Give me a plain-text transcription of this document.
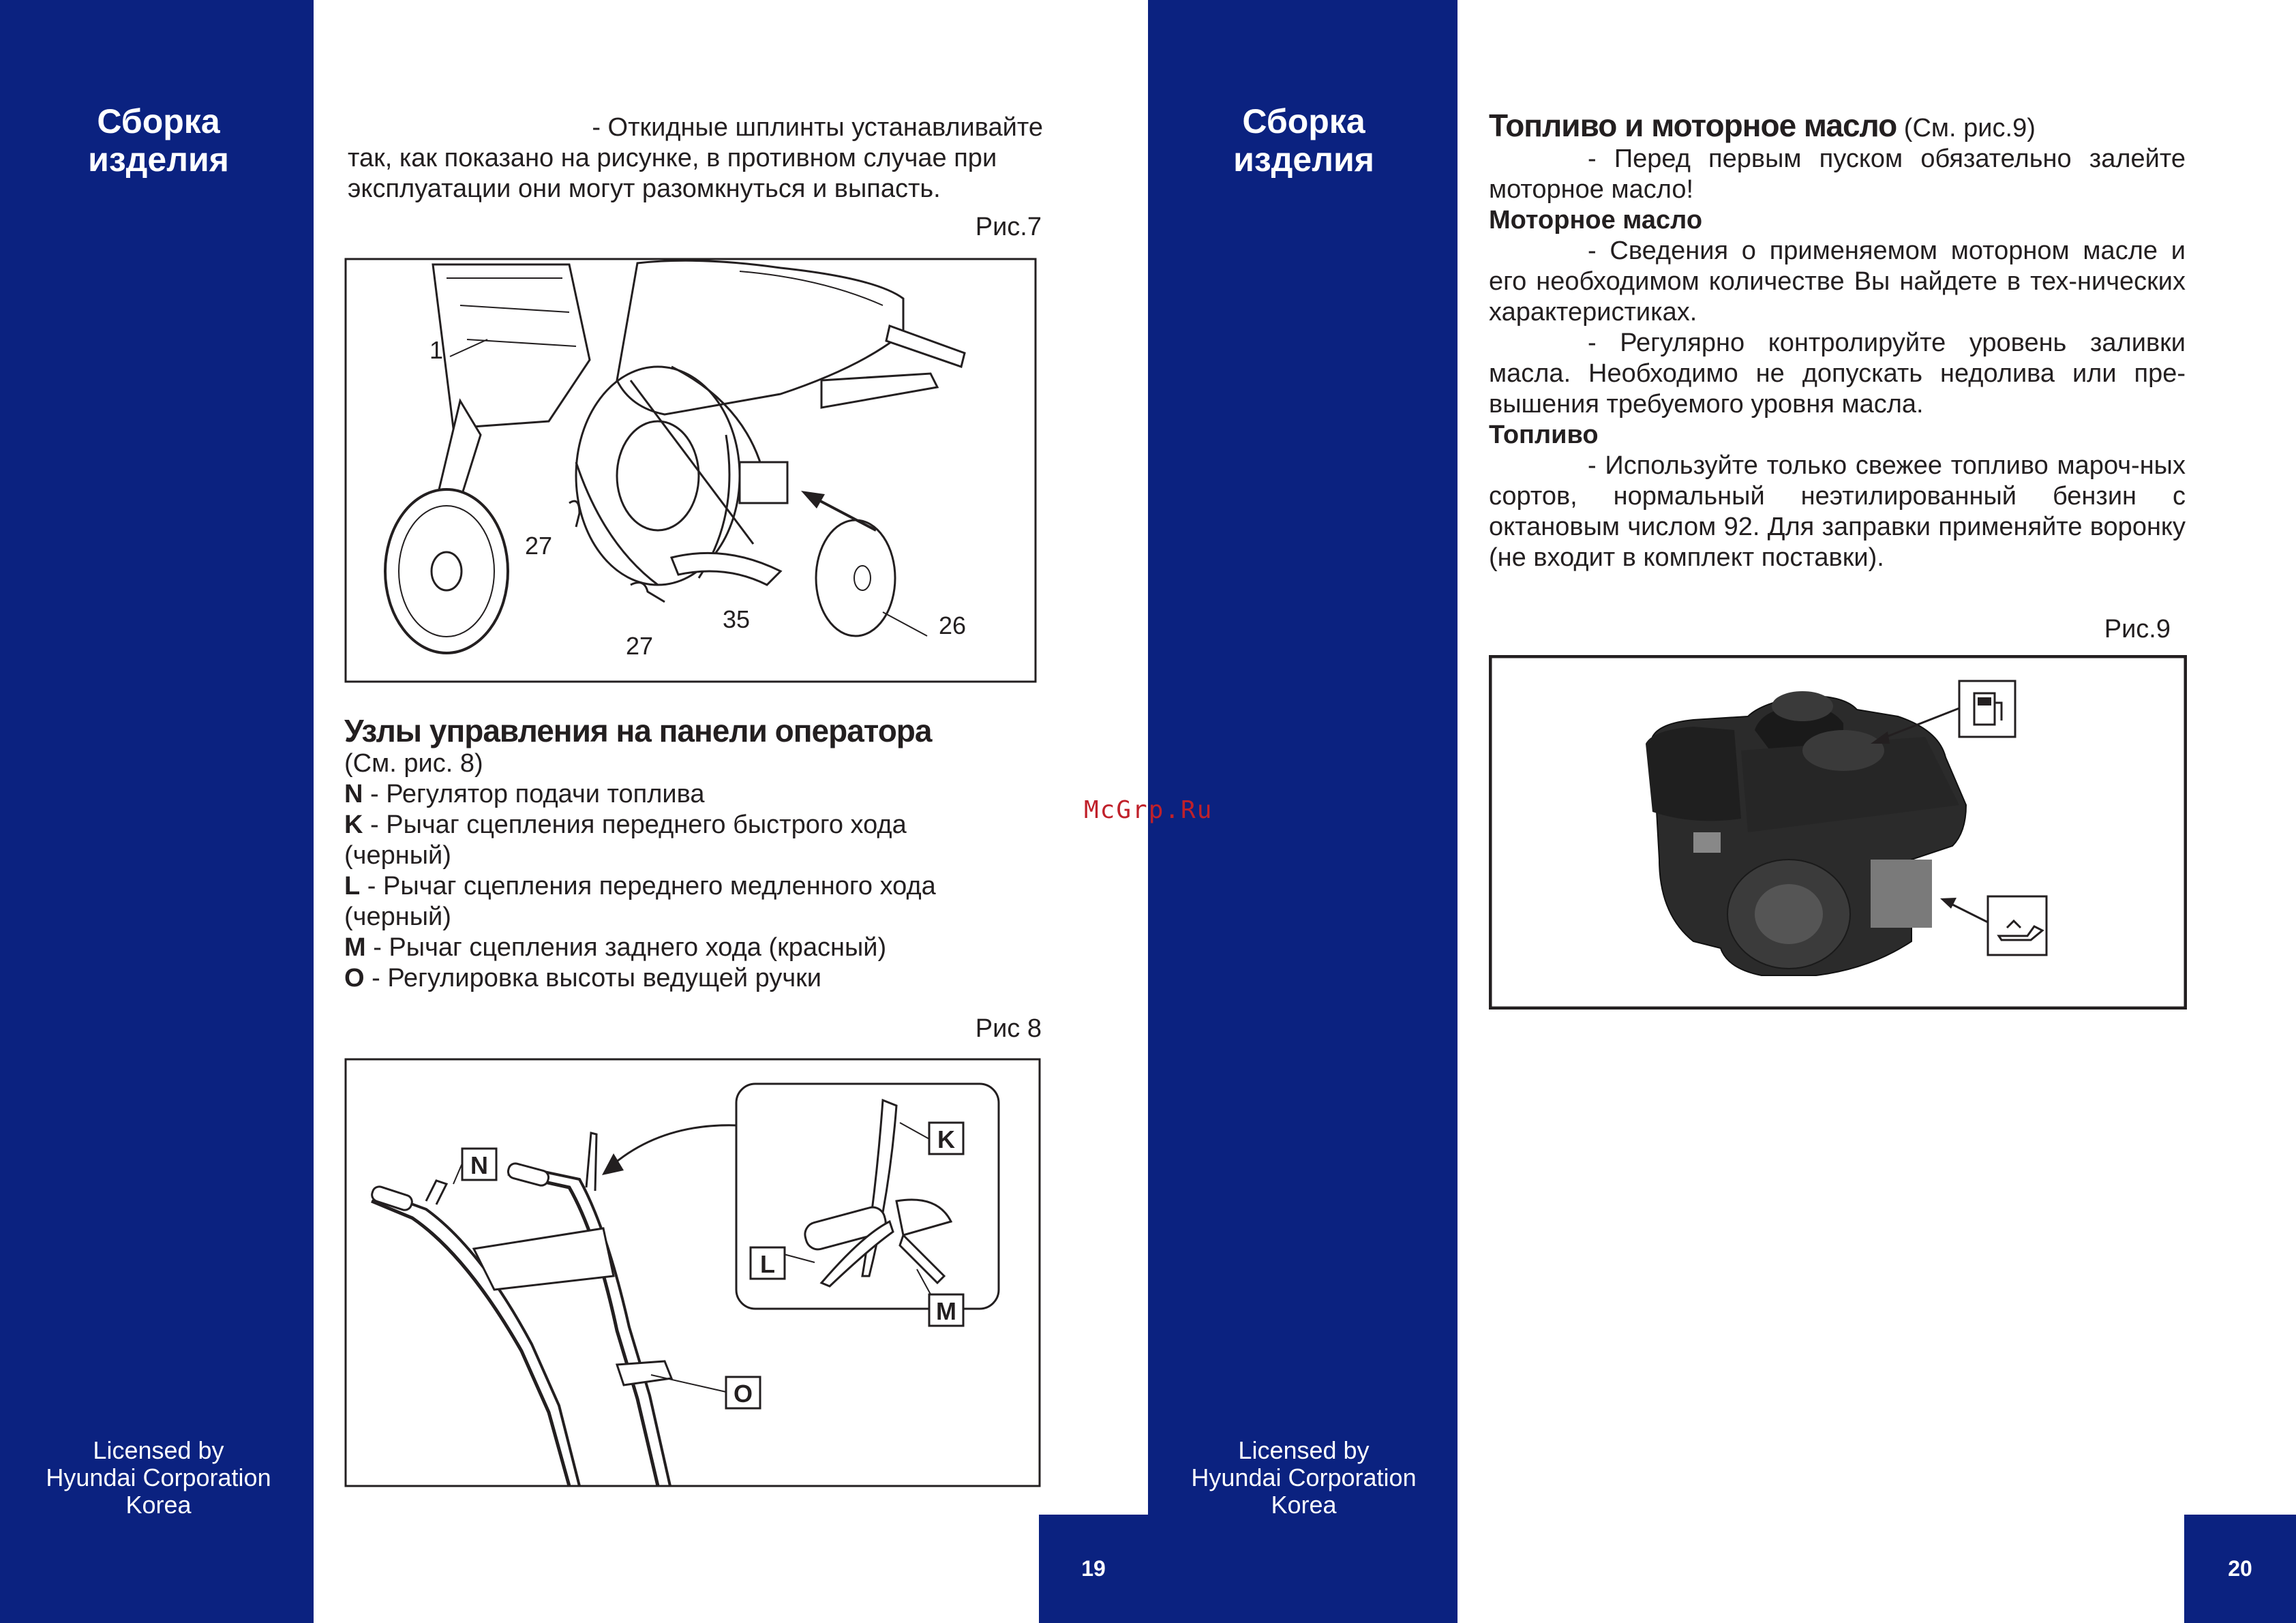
Сборка
изделия
Licensed by
Hyundai Corporation
Korea
19
Сборка
изделия
Licensed by
Hyundai Corporation
Korea
20
- Откидные шплинты устанавливайте
так, как показано на рисунке, в противном случае при
эксплуатации они могут разомкнуться и выпасть.
Рис.7
1
27
27
35	26
Узлы управления на панели оператора
(См. рис. 8)
N - Регулятор подачи топлива
K - Рычаг сцепления переднего быстрого хода (черный)
L - Рычаг сцепления переднего медленного хода (черный)
M - Рычаг сцепления заднего хода (красный)
O - Регулировка высоты ведущей ручки
Рис 8
N
K
L
M
O
Топливо и моторное масло (См. рис.9)

- Перед первым пуском обязательно залейте моторное масло!

Моторное масло

- Сведения о применяемом моторном масле и его необходимом количестве Вы найдете в тех-нических характеристиках.

- Регулярно контролируйте уровень заливки масла. Необходимо не допускать недолива или пре-вышения требуемого уровня масла.

Топливо

- Используйте только свежее топливо мароч-ных сортов, нормальный неэтилированный бензин с октановым числом 92. Для заправки применяйте воронку (не входит в комплект поставки).

Рис.9
McGrp.Ru
